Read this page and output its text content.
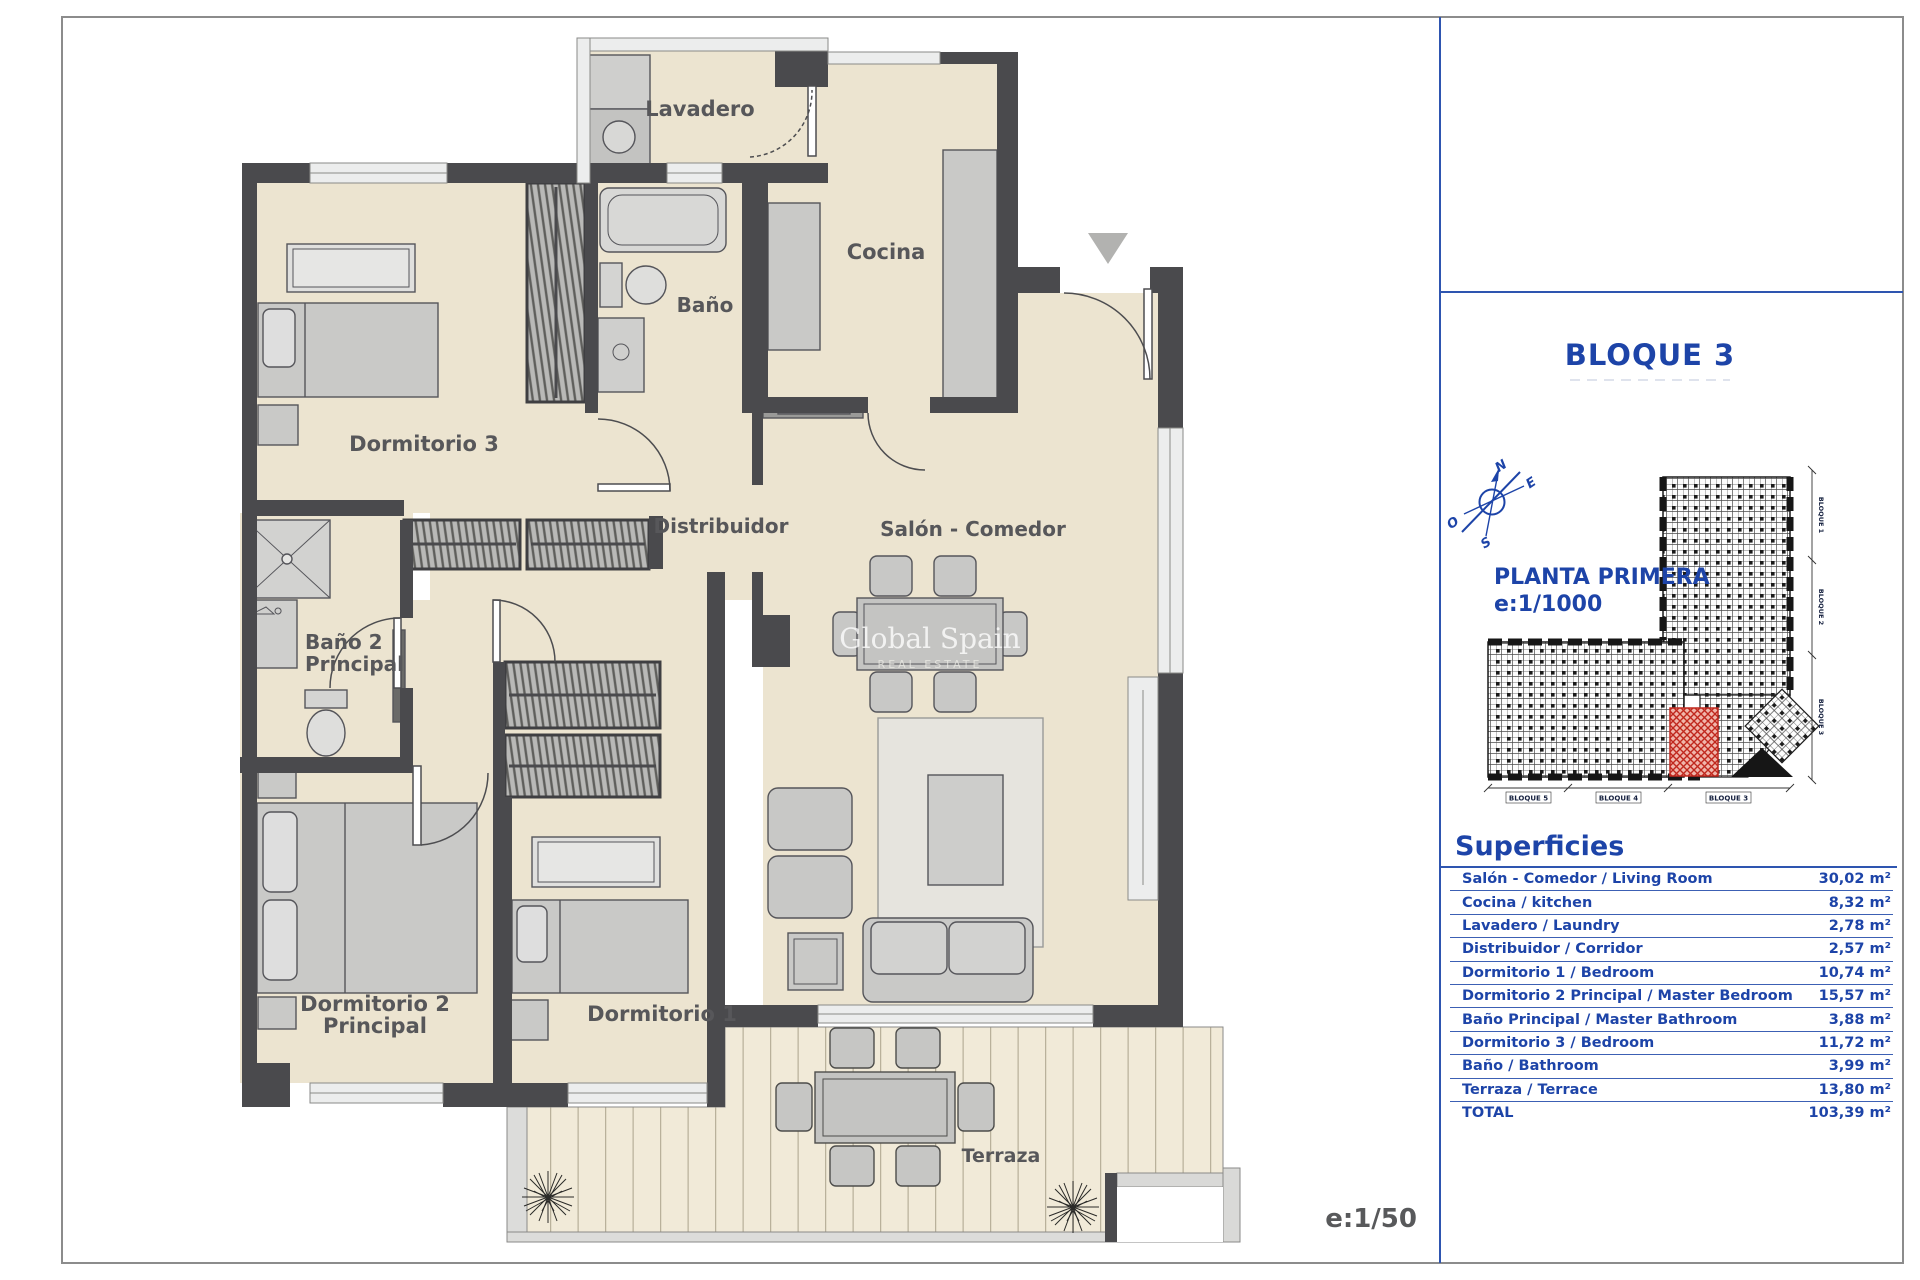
Lavadero
Cocina
Baño
Dormitorio 3
Distribuidor	Salón - Comedor
Baño 2
Principal
Dormitorio 2
Principal	Dormitorio 1
Terraza
Global Spain
REAL ESTATE
N
E
S
O
BLOQUE 5	BLOQUE 4	BLOQUE 3
BLOQUE 1
BLOQUE 2
BLOQUE 3
BLOQUE 3
PLANTA PRIMERA
e:1/1000
Superficies
Salón - Comedor / Living Room	30,02 m²
Cocina / kitchen	8,32 m²
Lavadero / Laundry	2,78 m²
Distribuidor / Corridor	2,57 m²
Dormitorio 1 / Bedroom	10,74 m²
Dormitorio 2 Principal / Master Bedroom 15,57 m²
Baño Principal / Master Bathroom	3,88 m²
Dormitorio 3 / Bedroom	11,72 m²
Baño / Bathroom	3,99 m²
Terraza / Terrace	13,80 m²
TOTAL	103,39 m²
e:1/50
